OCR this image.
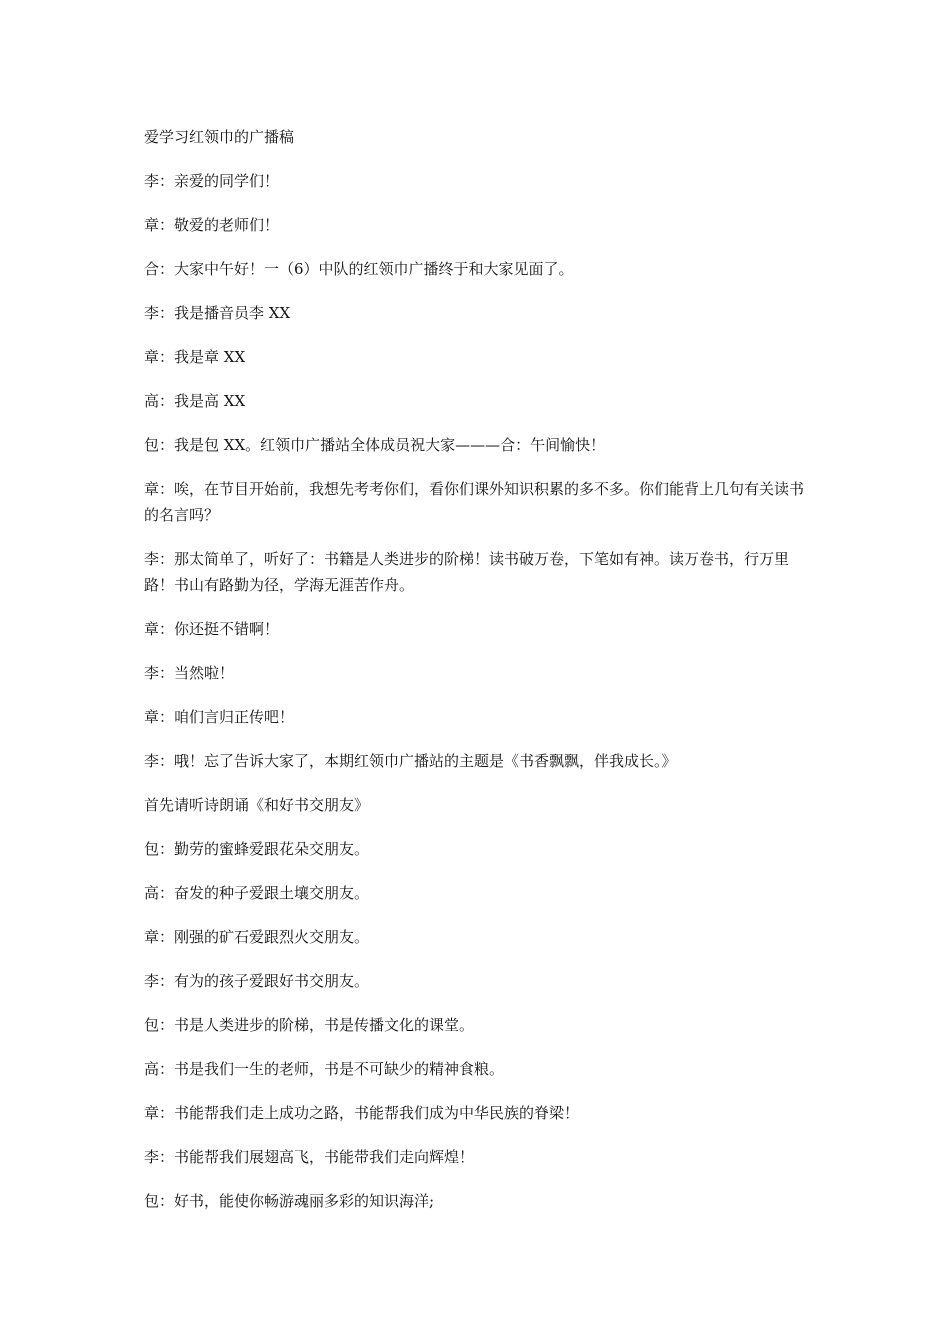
爱学习红领巾的广播稿

李：亲爱的同学们！

章：敬爱的老师们！

合：大家中午好！一（6）中队的红领巾广播终于和大家见面了。

李：我是播音员李 XX

章：我是章 XX

高：我是高 XX

包：我是包 XX。红领巾广播站全体成员祝大家———合：午间愉快！

章：唉，在节目开始前，我想先考考你们，看你们课外知识积累的多不多。你们能背上几句有关读书的名言吗？

李：那太简单了，听好了：书籍是人类进步的阶梯！读书破万卷，下笔如有神。读万卷书，行万里路！书山有路勤为径，学海无涯苦作舟。

章：你还挺不错啊！

李：当然啦！

章：咱们言归正传吧！

李：哦！忘了告诉大家了，本期红领巾广播站的主题是《书香飘飘，伴我成长。》

首先请听诗朗诵《和好书交朋友》

包：勤劳的蜜蜂爱跟花朵交朋友。

高：奋发的种子爱跟土壤交朋友。

章：刚强的矿石爱跟烈火交朋友。

李：有为的孩子爱跟好书交朋友。

包：书是人类进步的阶梯，书是传播文化的课堂。

高：书是我们一生的老师，书是不可缺少的精神食粮。

章：书能帮我们走上成功之路，书能帮我们成为中华民族的脊梁！

李：书能帮我们展翅高飞，书能带我们走向辉煌！

包：好书，能使你畅游魂丽多彩的知识海洋;
